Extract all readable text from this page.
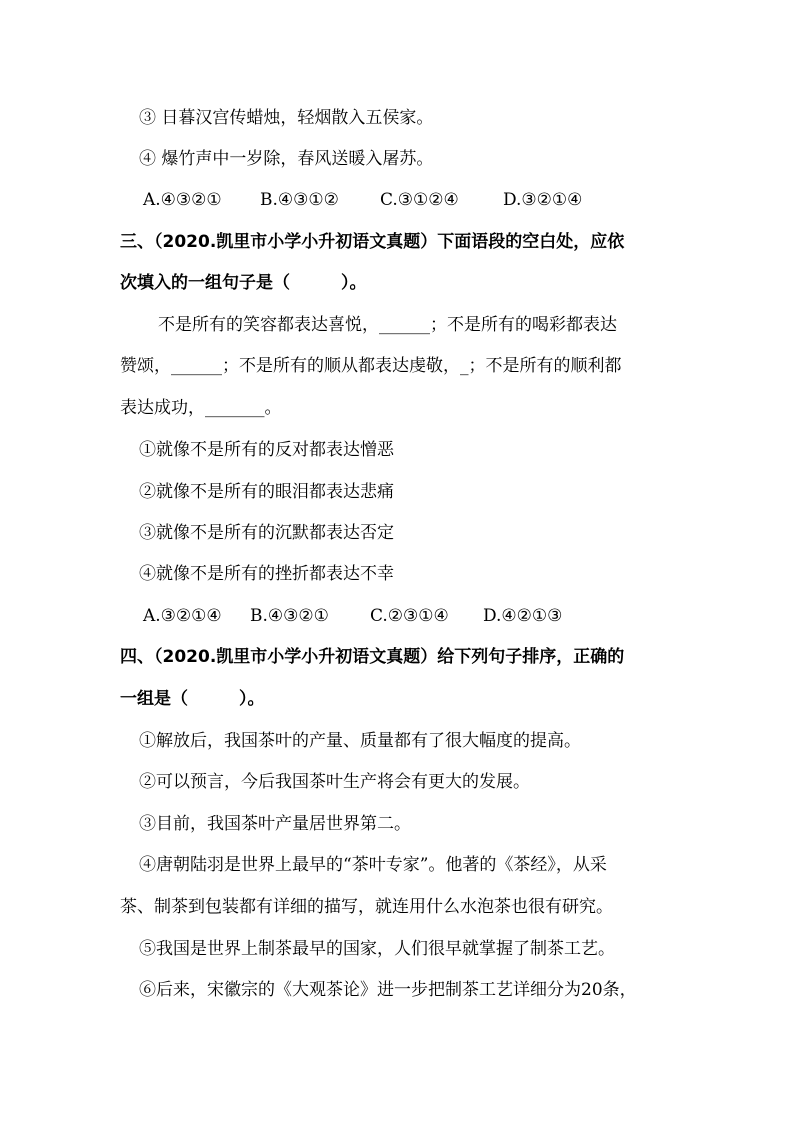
③ 日暮汉宫传蜡烛，轻烟散入五侯家。
④ 爆竹声中一岁除，春风送暖入屠苏。
A.④③②① B.④③①② C.③①②④	D.③②①④
三、（2020.凯里市小学小升初语文真题）下面语段的空白处，应依
次填入的一组句子是（　　　）。
不是所有的笑容都表达喜悦，______；不是所有的喝彩都表达
赞颂，______；不是所有的顺从都表达虔敬，_；不是所有的顺利都
表达成功，_______。
①就像不是所有的反对都表达憎恶
②就像不是所有的眼泪都表达悲痛
③就像不是所有的沉默都表达否定
④就像不是所有的挫折都表达不幸
A.③②①④ B.④③②① C.②③①④ D.④②①③
四、（2020.凯里市小学小升初语文真题）给下列句子排序，正确的
一组是（　　　）。
①解放后，我国茶叶的产量、质量都有了很大幅度的提高。
②可以预言，今后我国茶叶生产将会有更大的发展。
③目前，我国茶叶产量居世界第二。
④唐朝陆羽是世界上最早的“茶叶专家”。他著的《茶经》，从采
茶、制茶到包装都有详细的描写，就连用什么水泡茶也很有研究。
⑤我国是世界上制茶最早的国家，人们很早就掌握了制茶工艺。
⑥后来，宋徽宗的《大观茶论》进一步把制茶工艺详细分为20条，
